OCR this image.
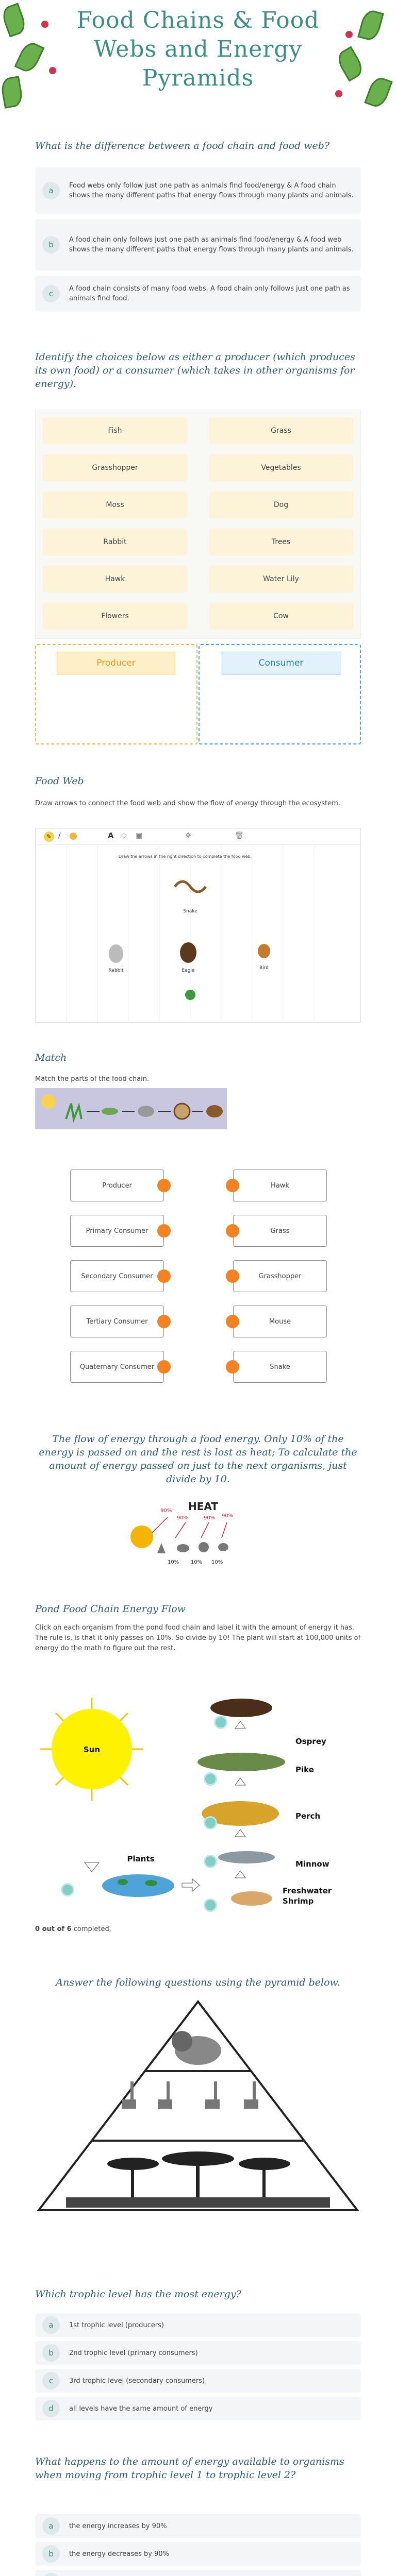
Food Chains & Food Webs and Energy Pyramids
What is the difference between a food chain and food web?
a
Food webs only follow just one path as animals find food/energy & A food chain shows the many different paths that energy flows through many plants and animals.
b
A food chain only follows just one path as animals find food/energy & A food web shows the many different paths that energy flows through many plants and animals.
c
A food chain consists of many food webs. A food chain only follows just one path as animals find food.
Identify the choices below as either a producer (which produces its own food) or a consumer (which takes in other organisms for energy).
Fish	Grass
Grasshopper	Vegetables
Moss	Dog
Rabbit	Trees
Hawk	Water Lily
Flowers	Cow
Producer	Consumer
Food Web
Draw arrows to connect the food web and show the flow of energy through the ecosystem.
✎ /	A ◇ ▣	✥	🗑
Draw the arrows in the right direction to complete the food web.
Snake
Rabbit	Eagle	Bird
Match
Match the parts of the food chain.
Producer
Primary Consumer
Secondary Consumer
Tertiary Consumer
Quaternary Consumer
Hawk
Grass
Grasshopper
Mouse
Snake
The flow of energy through a food energy. Only 10% of the energy is passed on and the rest is lost as heat; To calculate the amount of energy passed on just to the next organisms, just divide by 10.
HEAT
90%
90%	90% 90%
10% 10% 10%
Pond Food Chain Energy Flow
Click on each organism from the pond food chain and label it with the amount of energy it has. The rule is, is that it only passes on 10%. So divide by 10! The plant will start at 100,000 units of energy do the math to figure out the rest.
Sun
Plants
Osprey
Pike
Perch
Minnow
Freshwater
Shrimp
0 out of 6 completed.
Answer the following questions using the pyramid below.
Which trophic level has the most energy?
a	1st trophic level (producers)
b	2nd trophic level (primary consumers)
c	3rd trophic level (secondary consumers)
d	all levels have the same amount of energy
What happens to the amount of energy available to organisms when moving from trophic level 1 to trophic level 2?
a	the energy increases by 90%
b	the energy decreases by 90%
